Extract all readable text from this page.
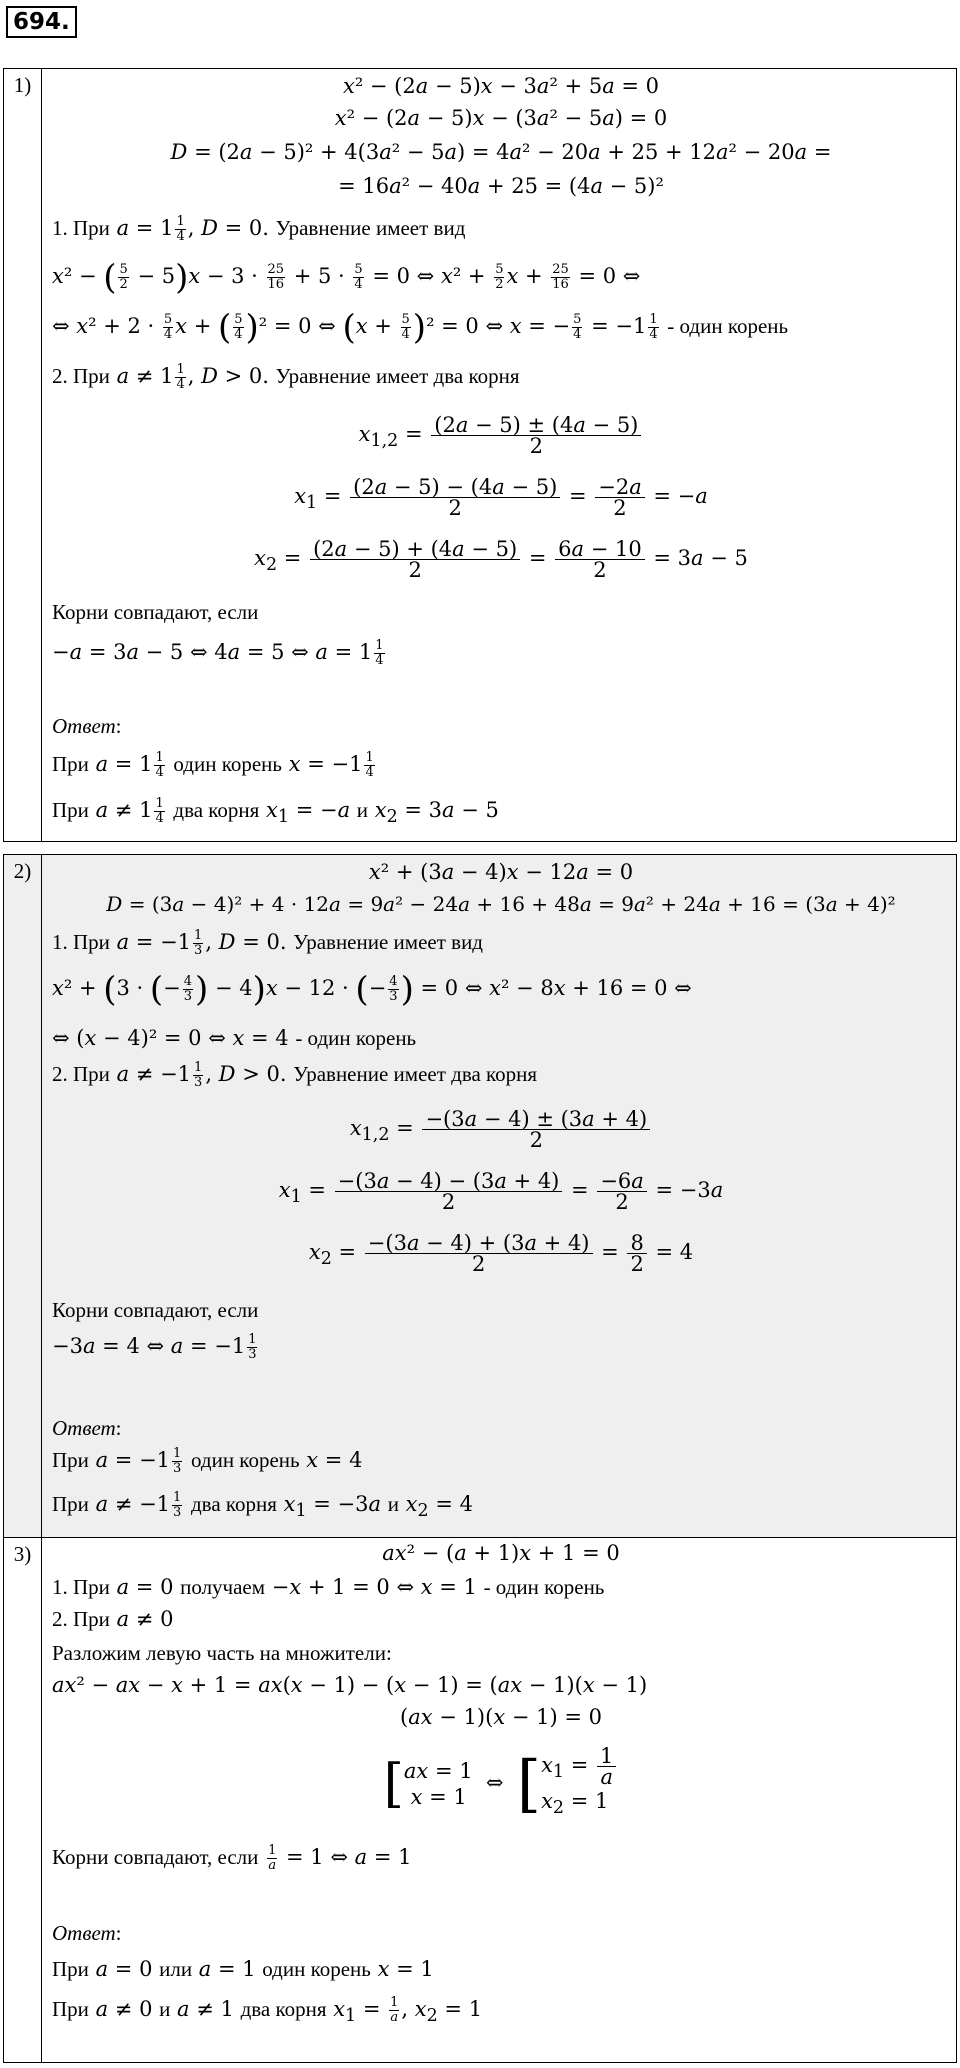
694.
1)	x² − (2a − 5)x − 3a² + 5a = 0
x² − (2a − 5)x − (3a² − 5a) = 0
D = (2a − 5)² + 4(3a² − 5a) = 4a² − 20a + 25 + 12a² − 20a =
= 16a² − 40a + 25 = (4a − 5)²
1. При $a = 1 \frac{1}{4}$ , D = 0. Уравнение имеет вид
x² − ( $\frac{5}{2} - 5)x - 3 \cdot \frac{25}{16} + 5 \cdot \frac{5}{4} = 0$ ⇔ $x^2 + \frac{5}{2}$ $x + \frac{25}{16} = 0$ ⇔
⇔ $x^2 + 2 \cdot \frac{5}{4}$ x + ( $\frac{5}{4} )^2 = 0$ ⇔ $(x + \frac{5}{4} )^2 = 0$ ⇔ x = − $\frac{5}{4} = -1 \frac{1}{4}$ - один корень
2. При $a \ne 1 \frac{1}{4}$ , D > 0. Уравнение имеет два корня
$x_{1,2} = \frac{(2a - 5) \pm (4a - 5)}{2}$
$x_1 = \frac{(2a - 5) - (4a - 5)}{2} = \frac{-2a}{2} = -a$
$x_2 = \frac{(2a - 5) + (4a - 5)}{2} = \frac{6a - 10}{2} = 3a - 5$
Корни совпадают, если
−a = 3a − 5 ⇔ 4a = 5 ⇔ $a = 1 \frac{1}{4}$
Ответ:
При $a = 1 \frac{1}{4}$ один корень $x = -1 \frac{1}{4}$
При $a \ne 1 \frac{1}{4}$ два корня $x_1 = -a$ и $x_2 = 3a - 5$
2)	x² + (3a − 4)x − 12a = 0
D = (3a − 4)² + 4 · 12a = 9a² − 24a + 16 + 48a = 9a² + 24a + 16 = (3a + 4)²
1. При $a = -1 \frac{1}{3}$ , D = 0. Уравнение имеет вид
x² + (3 · (− $\frac{4}{3}$ ) − 4)x − 12 · (− $\frac{4}{3}$ ) = 0 ⇔ x² − 8x + 16 = 0 ⇔
⇔ (x − 4)² = 0 ⇔ x = 4 - один корень
2. При $a \ne -1 \frac{1}{3}$ , D > 0. Уравнение имеет два корня
$x_{1,2} = \frac{-(3a - 4) \pm (3a + 4)}{2}$
$x_1 = \frac{-(3a - 4) - (3a + 4)}{2} = \frac{-6a}{2} = -3a$
$x_2 = \frac{-(3a - 4) + (3a + 4)}{2} = \frac{8}{2} = 4$
Корни совпадают, если
−3a = 4 ⇔ $a = -1 \frac{1}{3}$
Ответ:
При $a = -1 \frac{1}{3}$ один корень x = 4
При $a \ne -1 \frac{1}{3}$ два корня $x_1 = -3a$ и $x_2 = 4$
3)	ax² − (a + 1)x + 1 = 0
1. При a = 0 получаем −x + 1 = 0 ⇔ x = 1 - один корень
2. При a ≠ 0
Разложим левую часть на множители:
ax² − ax − x + 1 = ax(x − 1) − (x − 1) = (ax − 1)(x − 1)
(ax − 1)(x − 1) = 0
[ax = 1
x = 1  ⇔  [ $x_1 = \frac{1}{a}$
$x_2 = 1$
Корни совпадают, если $\frac{1}{a} = 1$ ⇔ a = 1
Ответ:
При a = 0 или a = 1 один корень x = 1
При a ≠ 0 и a ≠ 1 два корня $x_1 = \frac{1}{a}$ , $x_2 = 1$
